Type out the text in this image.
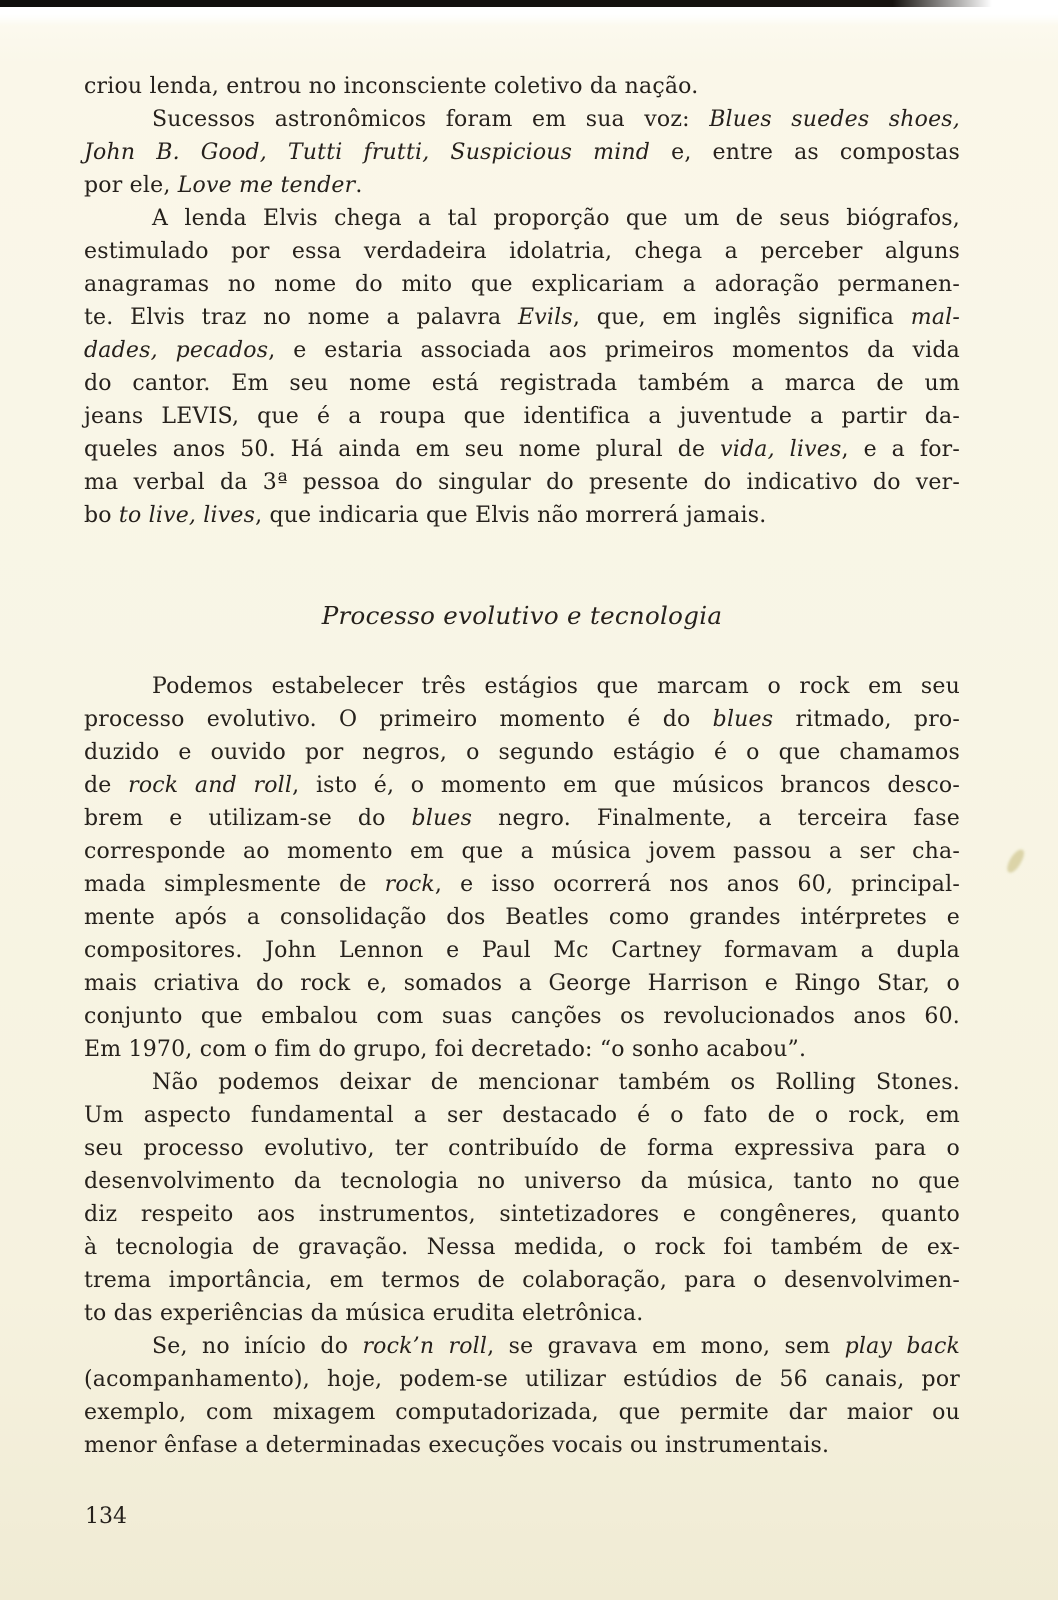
criou lenda, entrou no inconsciente coletivo da nação.
Sucessos astronômicos foram em sua voz: Blues suedes shoes,
John B. Good, Tutti frutti, Suspicious mind e, entre as compostas
por ele, Love me tender.
A lenda Elvis chega a tal proporção que um de seus biógrafos,
estimulado por essa verdadeira idolatria, chega a perceber alguns
anagramas no nome do mito que explicariam a adoração permanen-
te. Elvis traz no nome a palavra Evils, que, em inglês significa mal-
dades, pecados, e estaria associada aos primeiros momentos da vida
do cantor. Em seu nome está registrada também a marca de um
jeans LEVIS, que é a roupa que identifica a juventude a partir da-
queles anos 50. Há ainda em seu nome plural de vida, lives, e a for-
ma verbal da 3ª pessoa do singular do presente do indicativo do ver-
bo to live, lives, que indicaria que Elvis não morrerá jamais.
Processo evolutivo e tecnologia
Podemos estabelecer três estágios que marcam o rock em seu
processo evolutivo. O primeiro momento é do blues ritmado, pro-
duzido e ouvido por negros, o segundo estágio é o que chamamos
de rock and roll, isto é, o momento em que músicos brancos desco-
brem e utilizam-se do blues negro. Finalmente, a terceira fase
corresponde ao momento em que a música jovem passou a ser cha-
mada simplesmente de rock, e isso ocorrerá nos anos 60, principal-
mente após a consolidação dos Beatles como grandes intérpretes e
compositores. John Lennon e Paul Mc Cartney formavam a dupla
mais criativa do rock e, somados a George Harrison e Ringo Star, o
conjunto que embalou com suas canções os revolucionados anos 60.
Em 1970, com o fim do grupo, foi decretado: “o sonho acabou”.
Não podemos deixar de mencionar também os Rolling Stones.
Um aspecto fundamental a ser destacado é o fato de o rock, em
seu processo evolutivo, ter contribuído de forma expressiva para o
desenvolvimento da tecnologia no universo da música, tanto no que
diz respeito aos instrumentos, sintetizadores e congêneres, quanto
à tecnologia de gravação. Nessa medida, o rock foi também de ex-
trema importância, em termos de colaboração, para o desenvolvimen-
to das experiências da música erudita eletrônica.
Se, no início do rock’n roll, se gravava em mono, sem play back
(acompanhamento), hoje, podem-se utilizar estúdios de 56 canais, por
exemplo, com mixagem computadorizada, que permite dar maior ou
menor ênfase a determinadas execuções vocais ou instrumentais.
134
